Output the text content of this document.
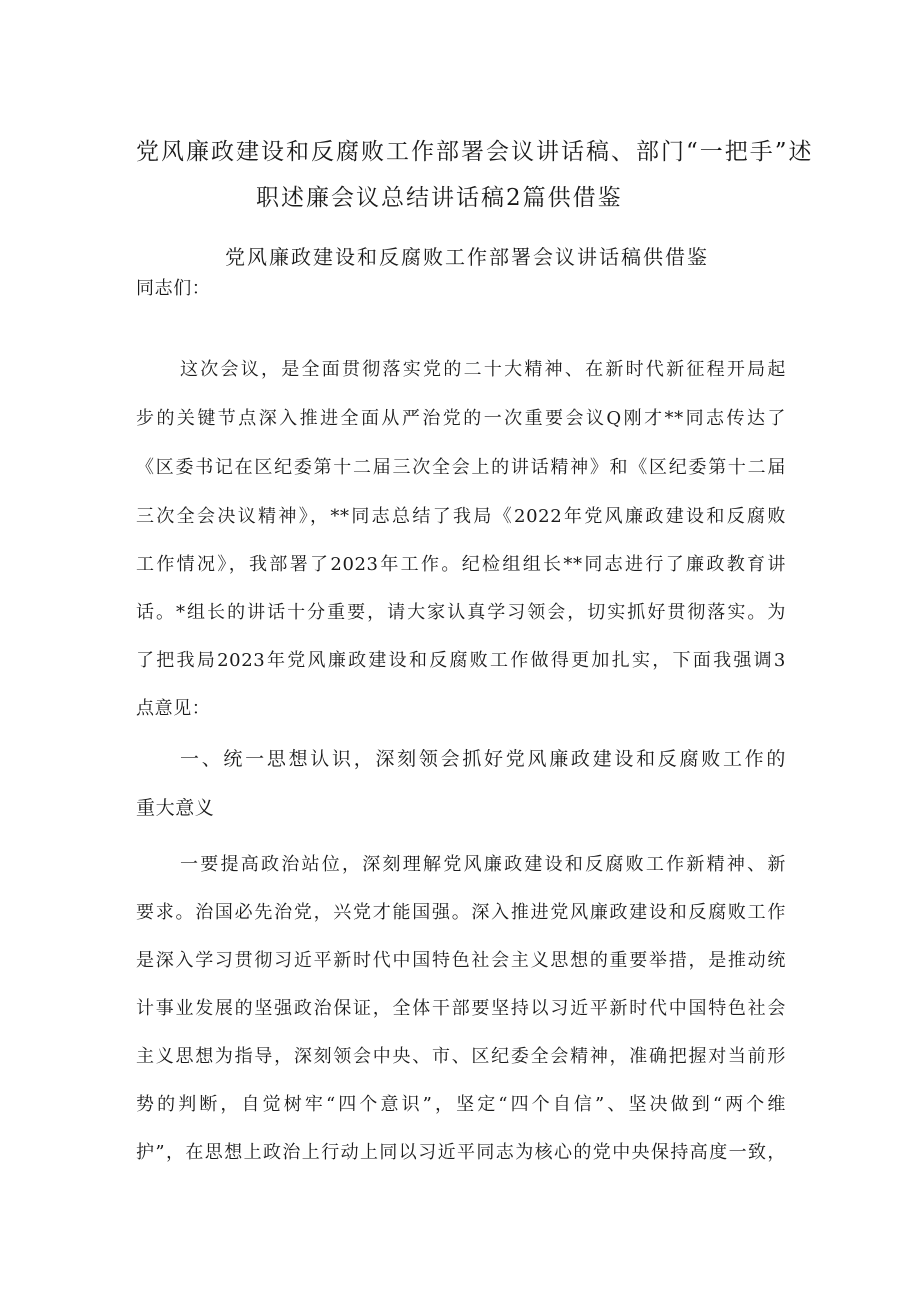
党风廉政建设和反腐败工作部署会议讲话稿、部门“一把手”述
职述廉会议总结讲话稿2篇供借鉴
党风廉政建设和反腐败工作部署会议讲话稿供借鉴
同志们：
这次会议，是全面贯彻落实党的二十大精神、在新时代新征程开局起
步的关键节点深入推进全面从严治党的一次重要会议Q刚才**同志传达了
《区委书记在区纪委第十二届三次全会上的讲话精神》和《区纪委第十二届
三次全会决议精神》，**同志总结了我局《2022年党风廉政建设和反腐败
工作情况》，我部署了2023年工作。纪检组组长**同志进行了廉政教育讲
话。*组长的讲话十分重要，请大家认真学习领会，切实抓好贯彻落实。为
了把我局2023年党风廉政建设和反腐败工作做得更加扎实，下面我强调3
点意见：
一、统一思想认识，深刻领会抓好党风廉政建设和反腐败工作的
重大意义
一要提高政治站位，深刻理解党风廉政建设和反腐败工作新精神、新
要求。治国必先治党，兴党才能国强。深入推进党风廉政建设和反腐败工作
是深入学习贯彻习近平新时代中国特色社会主义思想的重要举措，是推动统
计事业发展的坚强政治保证，全体干部要坚持以习近平新时代中国特色社会
主义思想为指导，深刻领会中央、市、区纪委全会精神，准确把握对当前形
势的判断，自觉树牢“四个意识”，坚定“四个自信”、坚决做到“两个维
护”，在思想上政治上行动上同以习近平同志为核心的党中央保持高度一致，
